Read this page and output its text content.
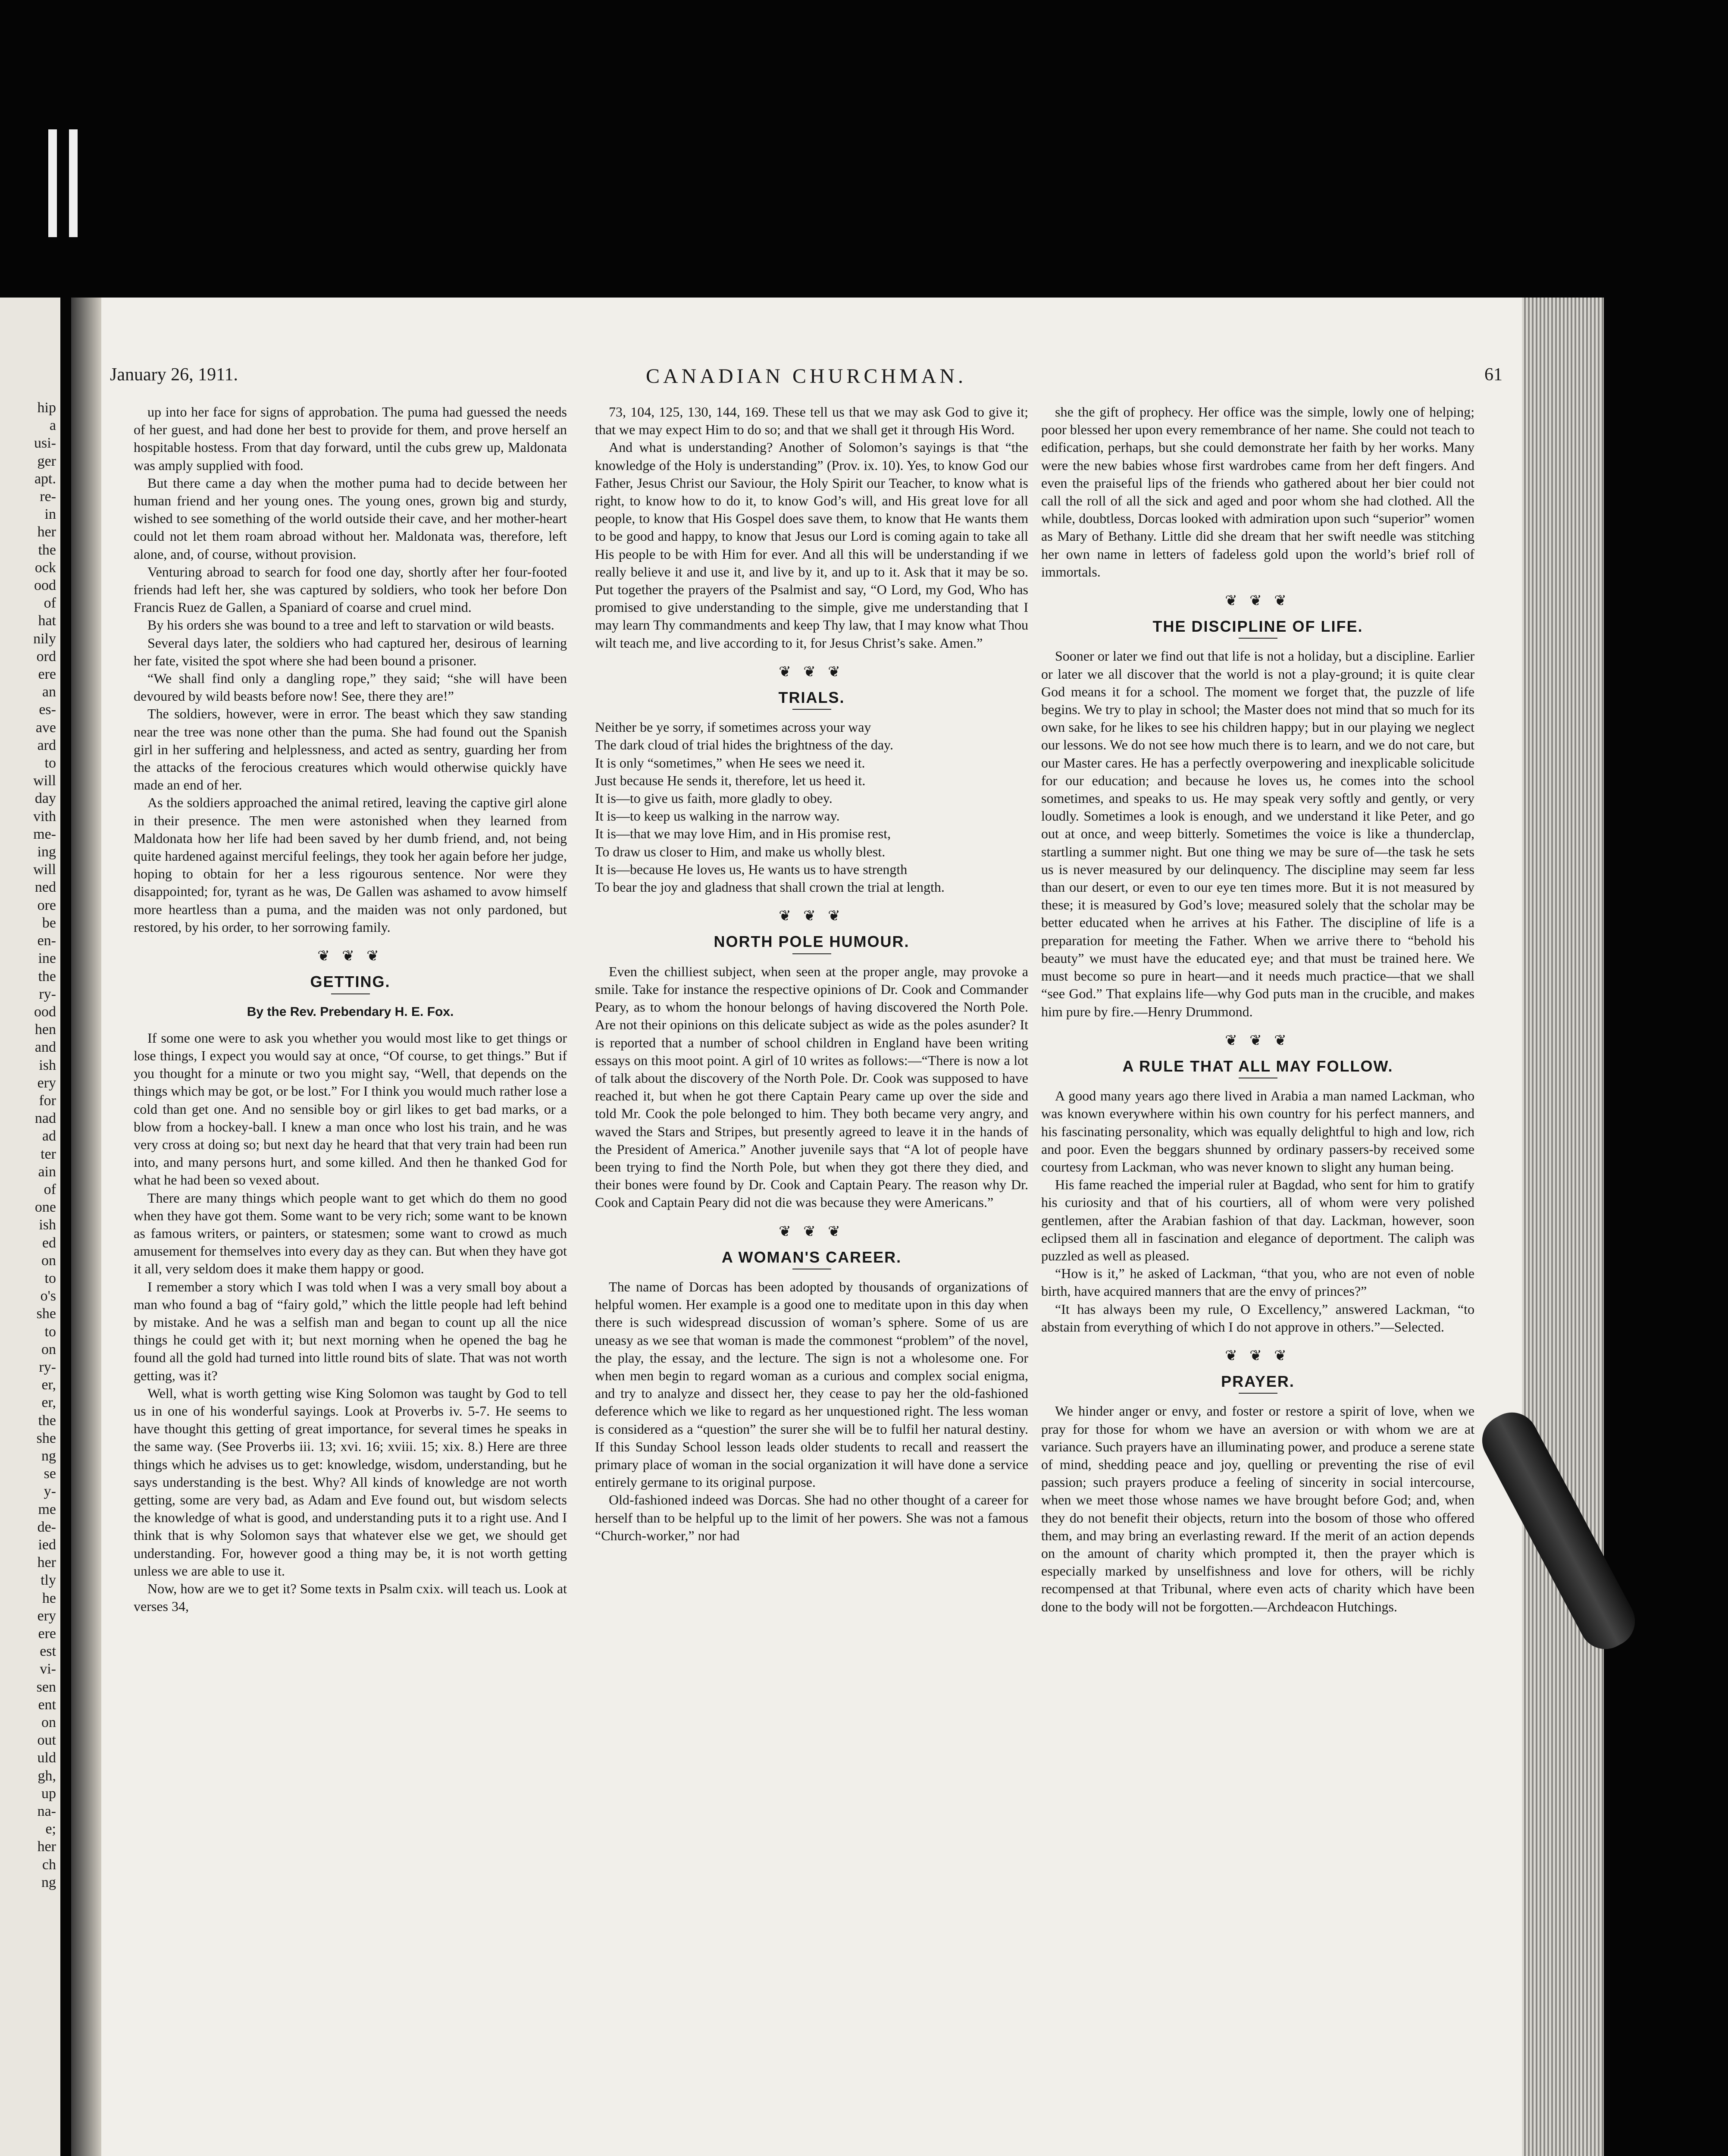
hip
a
usi-
ger
apt.
re-
in
her
the
ock
ood
of
hat
nily
ord
ere
an
es-
ave
ard
to
will
day
vith
me-
ing
will
ned
ore
be
en-
ine
the
ry-
ood
hen
and
ish
ery
for
nad
ad
ter
ain
of
one
ish
ed
on
to
o's
she
to
on
ry-
er,
er,
the
she
ng
se
y-
me
de-
ied
her
tly
he
ery
ere
est
vi-
sen
ent
on
out
uld
gh,
up
na-
e;
her
ch
ng
January 26, 1911.	CANADIAN CHURCHMAN.	61

up into her face for signs of approbation. The puma had guessed the needs of her guest, and had done her best to provide for them, and prove herself an hospitable hostess. From that day forward, until the cubs grew up, Maldonata was amply supplied with food.

But there came a day when the mother puma had to decide between her human friend and her young ones. The young ones, grown big and sturdy, wished to see something of the world outside their cave, and her mother-heart could not let them roam abroad without her. Maldonata was, therefore, left alone, and, of course, without provision.

Venturing abroad to search for food one day, shortly after her four-footed friends had left her, she was captured by soldiers, who took her before Don Francis Ruez de Gallen, a Spaniard of coarse and cruel mind.

By his orders she was bound to a tree and left to starvation or wild beasts.

Several days later, the soldiers who had captured her, desirous of learning her fate, visited the spot where she had been bound a prisoner.

“We shall find only a dangling rope,” they said; “she will have been devoured by wild beasts before now! See, there they are!”

The soldiers, however, were in error. The beast which they saw standing near the tree was none other than the puma. She had found out the Spanish girl in her suffering and helplessness, and acted as sentry, guarding her from the attacks of the ferocious creatures which would otherwise quickly have made an end of her.

As the soldiers approached the animal retired, leaving the captive girl alone in their presence. The men were astonished when they learned from Maldonata how her life had been saved by her dumb friend, and, not being quite hardened against merciful feelings, they took her again before her judge, hoping to obtain for her a less rigourous sentence. Nor were they disappointed; for, tyrant as he was, De Gallen was ashamed to avow himself more heartless than a puma, and the maiden was not only pardoned, but restored, by his order, to her sorrowing family.

❦ ❦ ❦
GETTING.
By the Rev. Prebendary H. E. Fox.

If some one were to ask you whether you would most like to get things or lose things, I expect you would say at once, “Of course, to get things.” But if you thought for a minute or two you might say, “Well, that depends on the things which may be got, or be lost.” For I think you would much rather lose a cold than get one. And no sensible boy or girl likes to get bad marks, or a blow from a hockey-ball. I knew a man once who lost his train, and he was very cross at doing so; but next day he heard that that very train had been run into, and many persons hurt, and some killed. And then he thanked God for what he had been so vexed about.

There are many things which people want to get which do them no good when they have got them. Some want to be very rich; some want to be known as famous writers, or painters, or statesmen; some want to crowd as much amusement for themselves into every day as they can. But when they have got it all, very seldom does it make them happy or good.

I remember a story which I was told when I was a very small boy about a man who found a bag of “fairy gold,” which the little people had left behind by mistake. And he was a selfish man and began to count up all the nice things he could get with it; but next morning when he opened the bag he found all the gold had turned into little round bits of slate. That was not worth getting, was it?

Well, what is worth getting wise King Solomon was taught by God to tell us in one of his wonderful sayings. Look at Proverbs iv. 5-7. He seems to have thought this getting of great importance, for several times he speaks in the same way. (See Proverbs iii. 13; xvi. 16; xviii. 15; xix. 8.) Here are three things which he advises us to get: knowledge, wisdom, understanding, but he says understanding is the best. Why? All kinds of knowledge are not worth getting, some are very bad, as Adam and Eve found out, but wisdom selects the knowledge of what is good, and understanding puts it to a right use. And I think that is why Solomon says that whatever else we get, we should get understanding. For, however good a thing may be, it is not worth getting unless we are able to use it.

Now, how are we to get it? Some texts in Psalm cxix. will teach us. Look at verses 34,

73, 104, 125, 130, 144, 169. These tell us that we may ask God to give it; that we may expect Him to do so; and that we shall get it through His Word.

And what is understanding? Another of Solomon’s sayings is that “the knowledge of the Holy is understanding” (Prov. ix. 10). Yes, to know God our Father, Jesus Christ our Saviour, the Holy Spirit our Teacher, to know what is right, to know how to do it, to know God’s will, and His great love for all people, to know that His Gospel does save them, to know that He wants them to be good and happy, to know that Jesus our Lord is coming again to take all His people to be with Him for ever. And all this will be understanding if we really believe it and use it, and live by it, and up to it. Ask that it may be so. Put together the prayers of the Psalmist and say, “O Lord, my God, Who has promised to give understanding to the simple, give me understanding that I may learn Thy commandments and keep Thy law, that I may know what Thou wilt teach me, and live according to it, for Jesus Christ’s sake. Amen.”

❦ ❦ ❦
TRIALS.

Neither be ye sorry, if sometimes across your way

The dark cloud of trial hides the brightness of the day.

It is only “sometimes,” when He sees we need it.

Just because He sends it, therefore, let us heed it.

It is—to give us faith, more gladly to obey.

It is—to keep us walking in the narrow way.

It is—that we may love Him, and in His promise rest,

To draw us closer to Him, and make us wholly blest.

It is—because He loves us, He wants us to have strength

To bear the joy and gladness that shall crown the trial at length.

❦ ❦ ❦
NORTH POLE HUMOUR.

Even the chilliest subject, when seen at the proper angle, may provoke a smile. Take for instance the respective opinions of Dr. Cook and Commander Peary, as to whom the honour belongs of having discovered the North Pole. Are not their opinions on this delicate subject as wide as the poles asunder? It is reported that a number of school children in England have been writing essays on this moot point. A girl of 10 writes as follows:—“There is now a lot of talk about the discovery of the North Pole. Dr. Cook was supposed to have reached it, but when he got there Captain Peary came up over the side and told Mr. Cook the pole belonged to him. They both became very angry, and waved the Stars and Stripes, but presently agreed to leave it in the hands of the President of America.” Another juvenile says that “A lot of people have been trying to find the North Pole, but when they got there they died, and their bones were found by Dr. Cook and Captain Peary. The reason why Dr. Cook and Captain Peary did not die was because they were Americans.”

❦ ❦ ❦
A WOMAN'S CAREER.

The name of Dorcas has been adopted by thousands of organizations of helpful women. Her example is a good one to meditate upon in this day when there is such widespread discussion of woman’s sphere. Some of us are uneasy as we see that woman is made the commonest “problem” of the novel, the play, the essay, and the lecture. The sign is not a wholesome one. For when men begin to regard woman as a curious and complex social enigma, and try to analyze and dissect her, they cease to pay her the old-fashioned deference which we like to regard as her unquestioned right. The less woman is considered as a “question” the surer she will be to fulfil her natural destiny. If this Sunday School lesson leads older students to recall and reassert the primary place of woman in the social organization it will have done a service entirely germane to its original purpose.

Old-fashioned indeed was Dorcas. She had no other thought of a career for herself than to be helpful up to the limit of her powers. She was not a famous “Church-worker,” nor had

she the gift of prophecy. Her office was the simple, lowly one of helping; poor blessed her upon every remembrance of her name. She could not teach to edification, perhaps, but she could demonstrate her faith by her works. Many were the new babies whose first wardrobes came from her deft fingers. And even the praiseful lips of the friends who gathered about her bier could not call the roll of all the sick and aged and poor whom she had clothed. All the while, doubtless, Dorcas looked with admiration upon such “superior” women as Mary of Bethany. Little did she dream that her swift needle was stitching her own name in letters of fadeless gold upon the world’s brief roll of immortals.

❦ ❦ ❦
THE DISCIPLINE OF LIFE.

Sooner or later we find out that life is not a holiday, but a discipline. Earlier or later we all discover that the world is not a play-ground; it is quite clear God means it for a school. The moment we forget that, the puzzle of life begins. We try to play in school; the Master does not mind that so much for its own sake, for he likes to see his children happy; but in our playing we neglect our lessons. We do not see how much there is to learn, and we do not care, but our Master cares. He has a perfectly overpowering and inexplicable solicitude for our education; and because he loves us, he comes into the school sometimes, and speaks to us. He may speak very softly and gently, or very loudly. Sometimes a look is enough, and we understand it like Peter, and go out at once, and weep bitterly. Sometimes the voice is like a thunderclap, startling a summer night. But one thing we may be sure of—the task he sets us is never measured by our delinquency. The discipline may seem far less than our desert, or even to our eye ten times more. But it is not measured by these; it is measured by God’s love; measured solely that the scholar may be better educated when he arrives at his Father. The discipline of life is a preparation for meeting the Father. When we arrive there to “behold his beauty” we must have the educated eye; and that must be trained here. We must become so pure in heart—and it needs much practice—that we shall “see God.” That explains life—why God puts man in the crucible, and makes him pure by fire.—Henry Drummond.

❦ ❦ ❦
A RULE THAT ALL MAY FOLLOW.

A good many years ago there lived in Arabia a man named Lackman, who was known everywhere within his own country for his perfect manners, and his fascinating personality, which was equally delightful to high and low, rich and poor. Even the beggars shunned by ordinary passers-by received some courtesy from Lackman, who was never known to slight any human being.

His fame reached the imperial ruler at Bagdad, who sent for him to gratify his curiosity and that of his courtiers, all of whom were very polished gentlemen, after the Arabian fashion of that day. Lackman, however, soon eclipsed them all in fascination and elegance of deportment. The caliph was puzzled as well as pleased.

“How is it,” he asked of Lackman, “that you, who are not even of noble birth, have acquired manners that are the envy of princes?”

“It has always been my rule, O Excellency,” answered Lackman, “to abstain from everything of which I do not approve in others.”—Selected.

❦ ❦ ❦
PRAYER.

We hinder anger or envy, and foster or restore a spirit of love, when we pray for those for whom we have an aversion or with whom we are at variance. Such prayers have an illuminating power, and produce a serene state of mind, shedding peace and joy, quelling or preventing the rise of evil passion; such prayers produce a feeling of sincerity in social intercourse, when we meet those whose names we have brought before God; and, when they do not benefit their objects, return into the bosom of those who offered them, and may bring an everlasting reward. If the merit of an action depends on the amount of charity which prompted it, then the prayer which is especially marked by unselfishness and love for others, will be richly recompensed at that Tribunal, where even acts of charity which have been done to the body will not be forgotten.—Archdeacon Hutchings.
